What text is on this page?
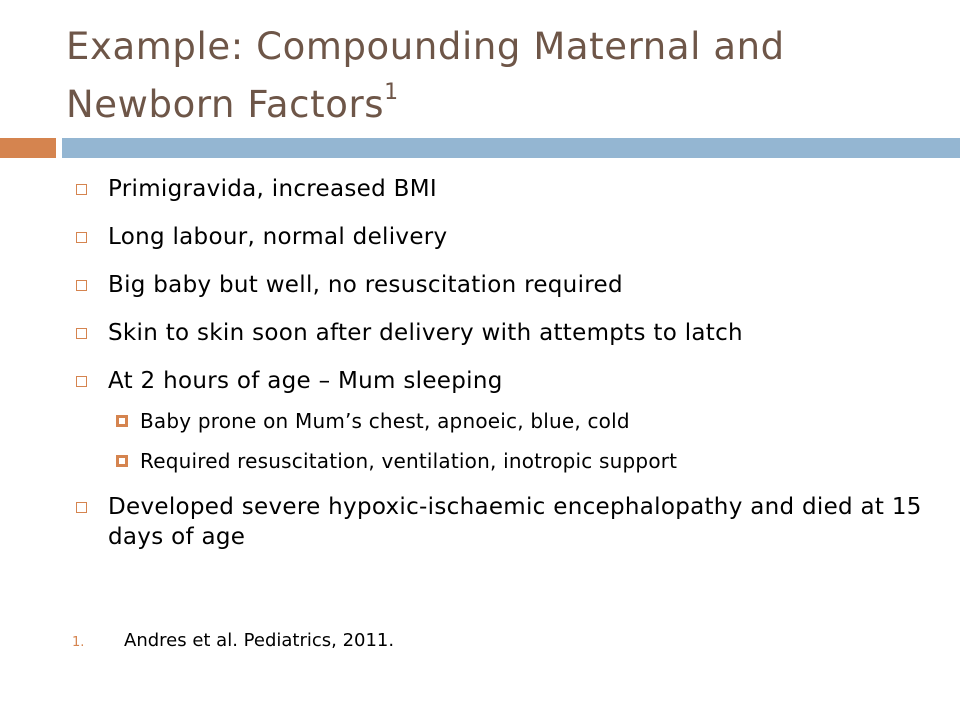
Example: Compounding Maternal and Newborn Factors$^1$
Primigravida, increased BMI
Long labour, normal delivery
Big baby but well, no resuscitation required
Skin to skin soon after delivery with attempts to latch
At 2 hours of age – Mum sleeping
Baby prone on Mum’s chest, apnoeic, blue, cold
Required resuscitation, ventilation, inotropic support
Developed severe hypoxic-ischaemic encephalopathy and died at 15 days of age

1. Andres et al. Pediatrics, 2011.
